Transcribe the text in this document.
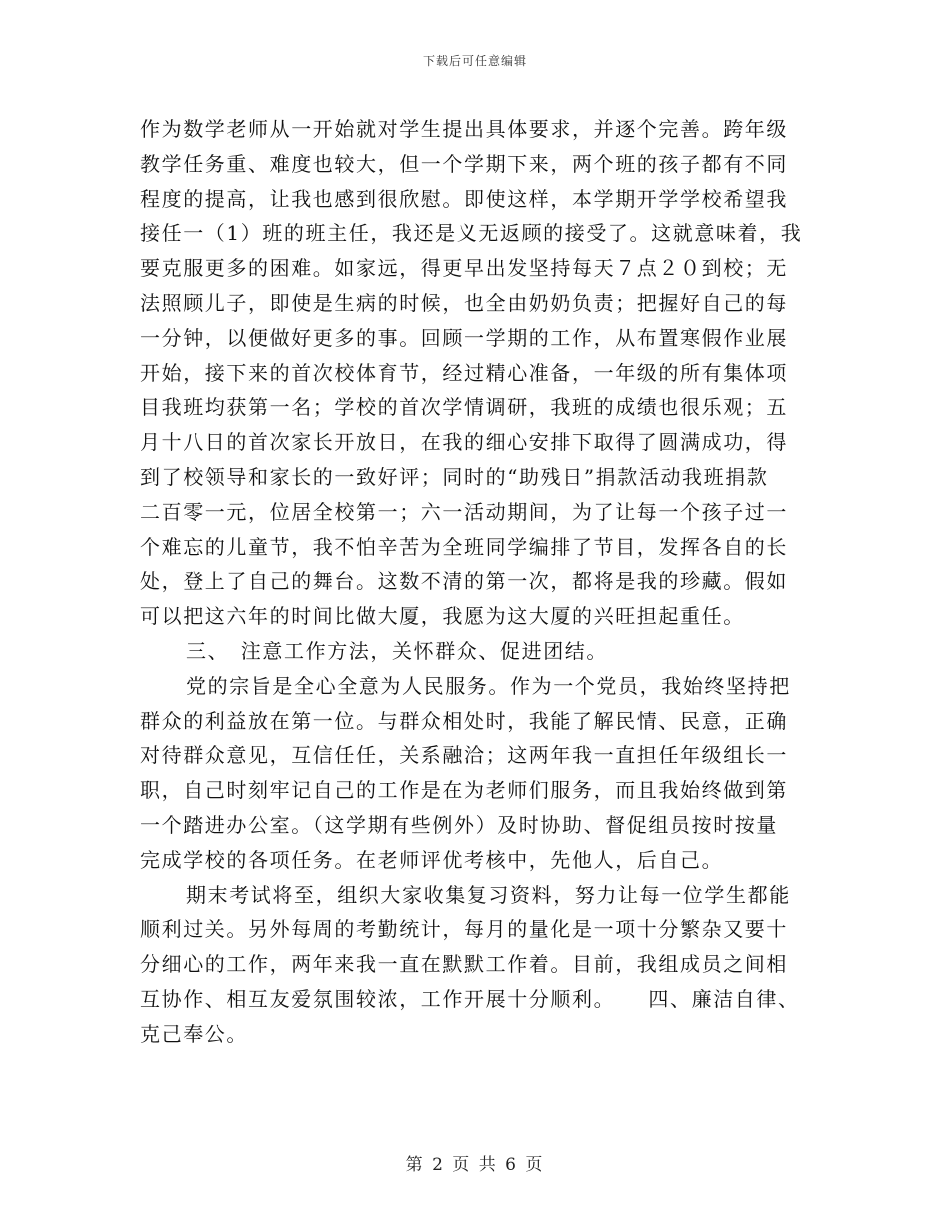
下载后可任意编辑
作为数学老师从一开始就对学生提出具体要求，并逐个完善。跨年级
教学任务重、难度也较大，但一个学期下来，两个班的孩子都有不同
程度的提高，让我也感到很欣慰。即使这样，本学期开学学校希望我
接任一（1）班的班主任，我还是义无返顾的接受了。这就意味着，我
要克服更多的困难。如家远，得更早出发坚持每天７点２０到校；无
法照顾儿子，即使是生病的时候，也全由奶奶负责；把握好自己的每
一分钟，以便做好更多的事。回顾一学期的工作，从布置寒假作业展
开始，接下来的首次校体育节，经过精心准备，一年级的所有集体项
目我班均获第一名；学校的首次学情调研，我班的成绩也很乐观；五
月十八日的首次家长开放日，在我的细心安排下取得了圆满成功，得
到了校领导和家长的一致好评；同时的“助残日”捐款活动我班捐款
二百零一元，位居全校第一；六一活动期间，为了让每一个孩子过一
个难忘的儿童节，我不怕辛苦为全班同学编排了节目，发挥各自的长
处，登上了自己的舞台。这数不清的第一次，都将是我的珍藏。假如
可以把这六年的时间比做大厦，我愿为这大厦的兴旺担起重任。
三、　注意工作方法，关怀群众、促进团结。
党的宗旨是全心全意为人民服务。作为一个党员，我始终坚持把
群众的利益放在第一位。与群众相处时，我能了解民情、民意，正确
对待群众意见，互信任任，关系融洽；这两年我一直担任年级组长一
职，自己时刻牢记自己的工作是在为老师们服务，而且我始终做到第
一个踏进办公室。（这学期有些例外）及时协助、督促组员按时按量
完成学校的各项任务。在老师评优考核中，先他人，后自己。
期末考试将至，组织大家收集复习资料，努力让每一位学生都能
顺利过关。另外每周的考勤统计，每月的量化是一项十分繁杂又要十
分细心的工作，两年来我一直在默默工作着。目前，我组成员之间相
互协作、相互友爱氛围较浓，工作开展十分顺利。　　四、廉洁自律、
克己奉公。
第 2 页 共 6 页
